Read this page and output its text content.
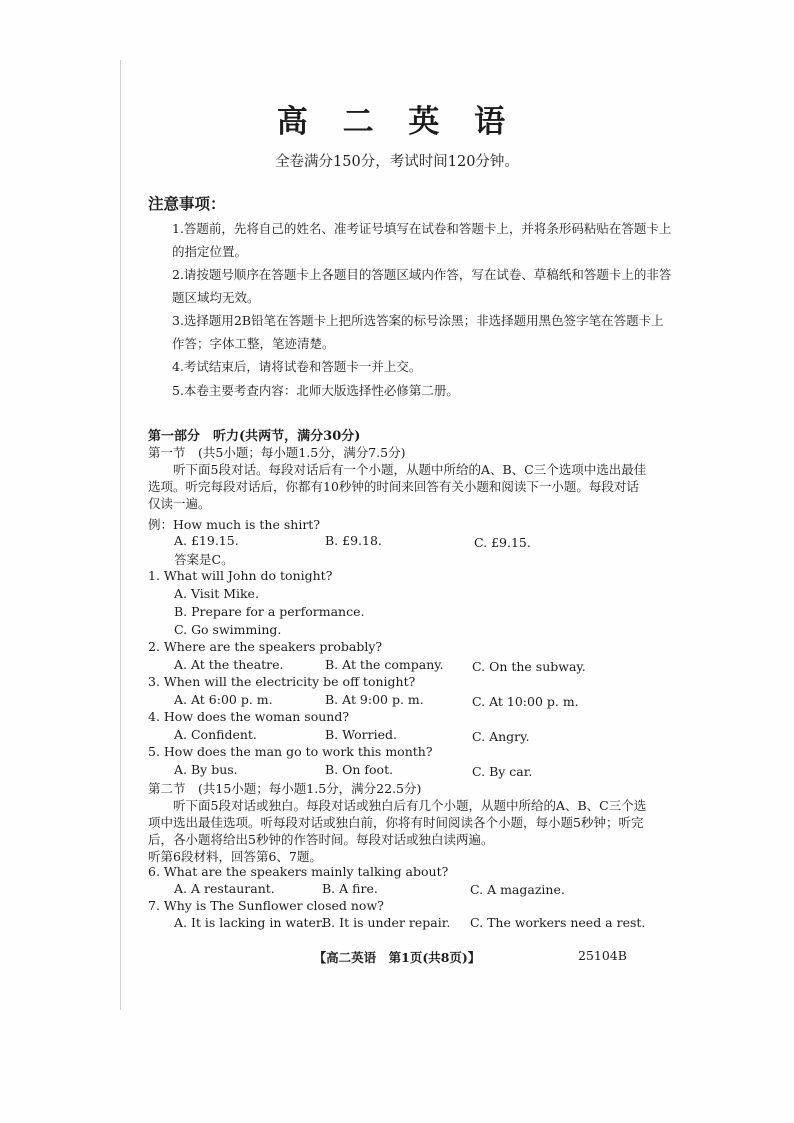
高 二 英 语
全卷满分150分，考试时间120分钟。
注意事项：
1.答题前，先将自己的姓名、准考证号填写在试卷和答题卡上，并将条形码粘贴在答题卡上的指定位置。
2.请按题号顺序在答题卡上各题目的答题区域内作答，写在试卷、草稿纸和答题卡上的非答题区域均无效。
3.选择题用2B铅笔在答题卡上把所选答案的标号涂黑；非选择题用黑色签字笔在答题卡上作答；字体工整，笔迹清楚。
4.考试结束后，请将试卷和答题卡一并上交。
5.本卷主要考查内容：北师大版选择性必修第二册。
第一部分　听力(共两节，满分30分)
第一节　(共5小题；每小题1.5分，满分7.5分)
听下面5段对话。每段对话后有一个小题，从题中所给的A、B、C三个选项中选出最佳选项。听完每段对话后，你都有10秒钟的时间来回答有关小题和阅读下一小题。每段对话仅读一遍。
例：How much is the shirt?
A. £19.15.	B. £9.18.	C. £9.15.
答案是C。
1. What will John do tonight?
A. Visit Mike.
B. Prepare for a performance.
C. Go swimming.
2. Where are the speakers probably?
A. At the theatre.	B. At the company. C. On the subway.
3. When will the electricity be off tonight?
A. At 6:00 p. m.	B. At 9:00 p. m.	C. At 10:00 p. m.
4. How does the woman sound?
A. Confident.	B. Worried.	C. Angry.
5. How does the man go to work this month?
A. By bus.	B. On foot.	C. By car.
第二节　(共15小题；每小题1.5分，满分22.5分)
听下面5段对话或独白。每段对话或独白后有几个小题，从题中所给的A、B、C三个选项中选出最佳选项。听每段对话或独白前，你将有时间阅读各个小题，每小题5秒钟；听完后，各小题将给出5秒钟的作答时间。每段对话或独白读两遍。
听第6段材料，回答第6、7题。
6. What are the speakers mainly talking about?
A. A restaurant.	B. A fire.	C. A magazine.
7. Why is The Sunflower closed now?
A. It is lacking in water.
B. It is under repair. C. The workers need a rest.
【高二英语　第1页(共8页)】	25104B
